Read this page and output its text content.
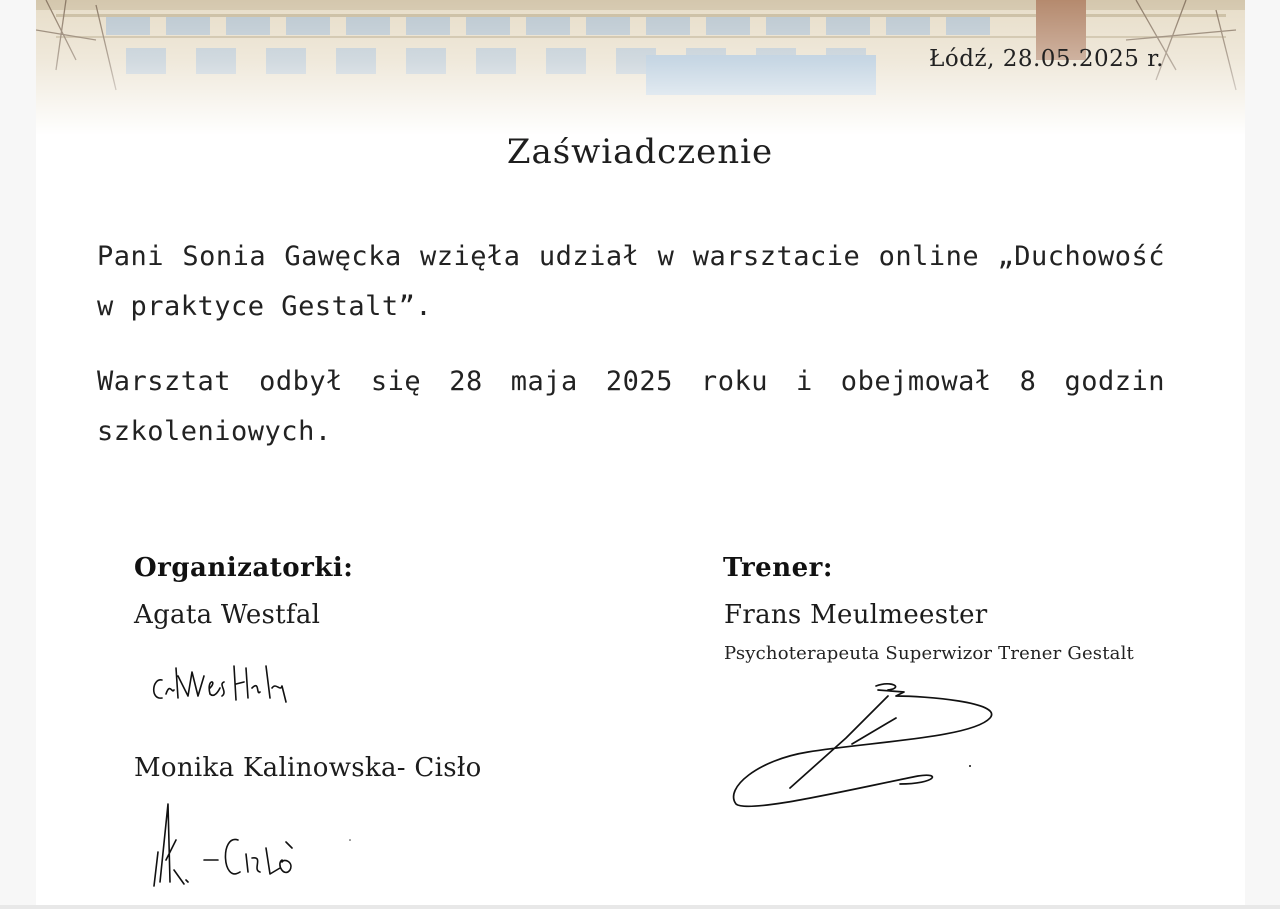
Łódź, 28.05.2025 r.
Zaświadczenie
Pani Sonia Gawęcka wzięła udział w warsztacie online „Duchowość w praktyce Gestalt”.
Warsztat odbył się 28 maja 2025 roku i obejmował 8 godzin szkoleniowych.
Organizatorki:
Agata Westfal
Monika Kalinowska- Cisło
Trener:
Frans Meulmeester
Psychoterapeuta Superwizor Trener Gestalt
